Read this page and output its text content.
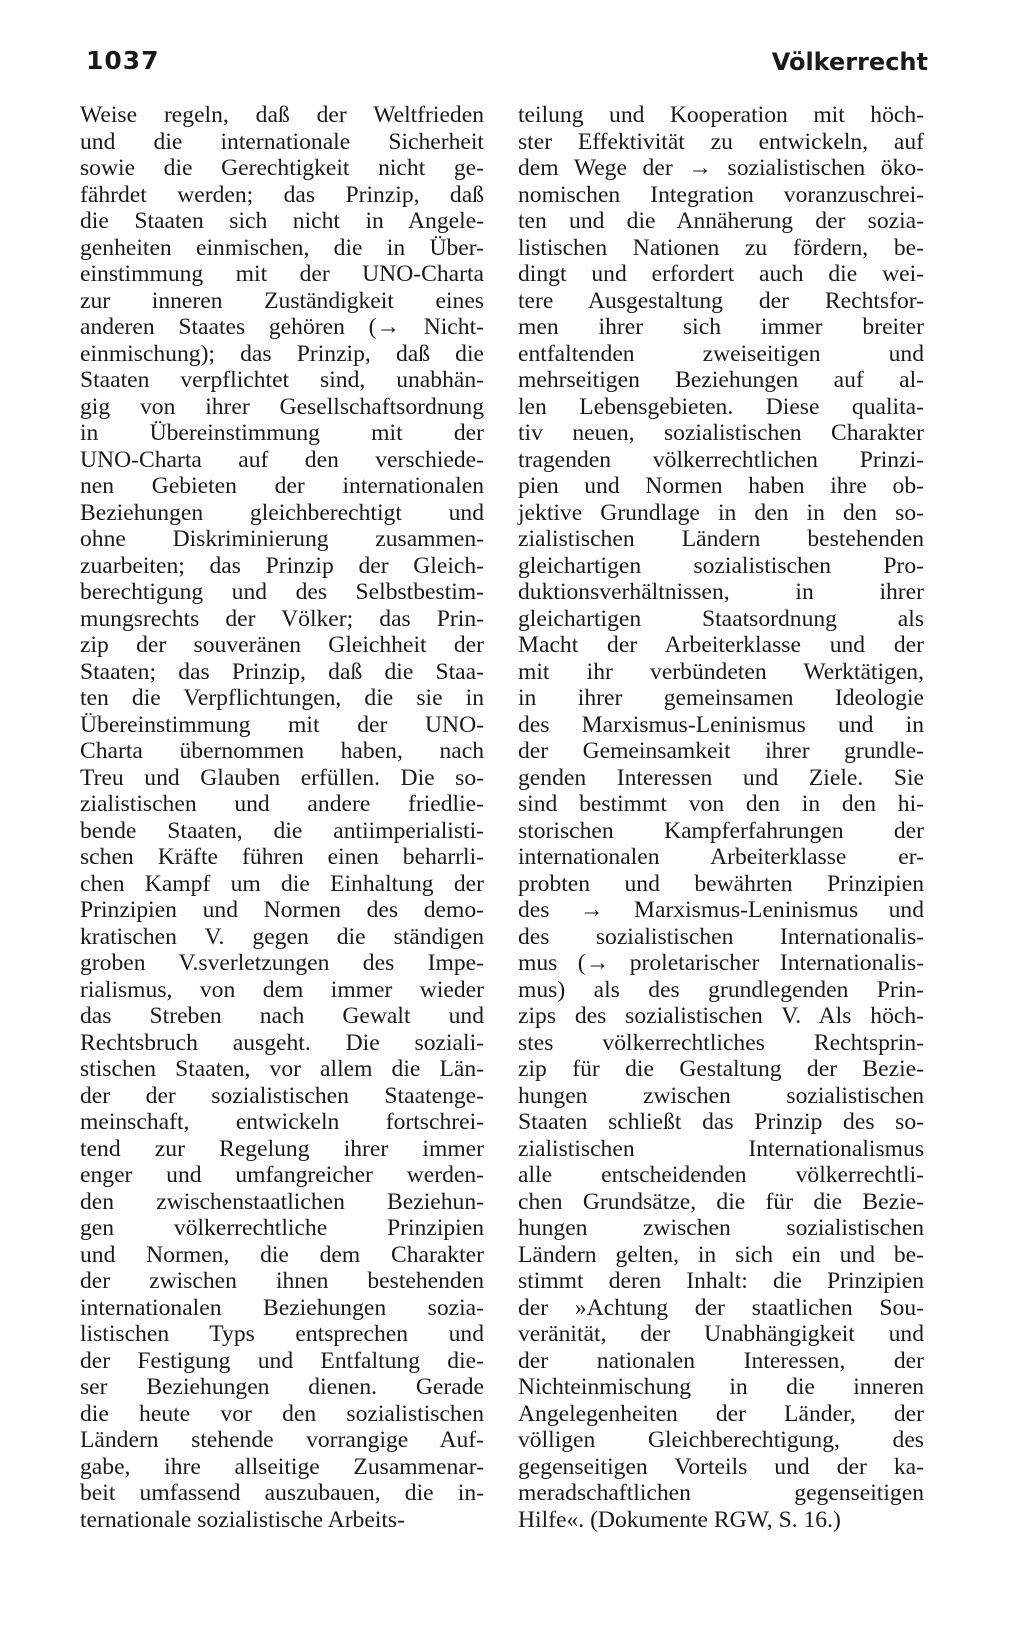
1037	Völkerrecht
Weise regeln, daß der Weltfrieden
und die internationale Sicherheit
sowie die Gerechtigkeit nicht ge-
fährdet werden; das Prinzip, daß
die Staaten sich nicht in Angele-
genheiten einmischen, die in Über-
einstimmung mit der UNO-Charta
zur inneren Zuständigkeit eines
anderen Staates gehören (→ Nicht-
einmischung); das Prinzip, daß die
Staaten verpflichtet sind, unabhän-
gig von ihrer Gesellschaftsordnung
in Übereinstimmung mit der
UNO-Charta auf den verschiede-
nen Gebieten der internationalen
Beziehungen gleichberechtigt und
ohne Diskriminierung zusammen-
zuarbeiten; das Prinzip der Gleich-
berechtigung und des Selbstbestim-
mungsrechts der Völker; das Prin-
zip der souveränen Gleichheit der
Staaten; das Prinzip, daß die Staa-
ten die Verpflichtungen, die sie in
Übereinstimmung mit der UNO-
Charta übernommen haben, nach
Treu und Glauben erfüllen. Die so-
zialistischen und andere friedlie-
bende Staaten, die antiimperialisti-
schen Kräfte führen einen beharrli-
chen Kampf um die Einhaltung der
Prinzipien und Normen des demo-
kratischen V. gegen die ständigen
groben V.sverletzungen des Impe-
rialismus, von dem immer wieder
das Streben nach Gewalt und
Rechtsbruch ausgeht. Die soziali-
stischen Staaten, vor allem die Län-
der der sozialistischen Staatenge-
meinschaft, entwickeln fortschrei-
tend zur Regelung ihrer immer
enger und umfangreicher werden-
den zwischenstaatlichen Beziehun-
gen völkerrechtliche Prinzipien
und Normen, die dem Charakter
der zwischen ihnen bestehenden
internationalen Beziehungen sozia-
listischen Typs entsprechen und
der Festigung und Entfaltung die-
ser Beziehungen dienen. Gerade
die heute vor den sozialistischen
Ländern stehende vorrangige Auf-
gabe, ihre allseitige Zusammenar-
beit umfassend auszubauen, die in-
ternationale sozialistische Arbeits-
teilung und Kooperation mit höch-
ster Effektivität zu entwickeln, auf
dem Wege der → sozialistischen öko-
nomischen Integration voranzuschrei-
ten und die Annäherung der sozia-
listischen Nationen zu fördern, be-
dingt und erfordert auch die wei-
tere Ausgestaltung der Rechtsfor-
men ihrer sich immer breiter
entfaltenden zweiseitigen und
mehrseitigen Beziehungen auf al-
len Lebensgebieten. Diese qualita-
tiv neuen, sozialistischen Charakter
tragenden völkerrechtlichen Prinzi-
pien und Normen haben ihre ob-
jektive Grundlage in den in den so-
zialistischen Ländern bestehenden
gleichartigen sozialistischen Pro-
duktionsverhältnissen, in ihrer
gleichartigen Staatsordnung als
Macht der Arbeiterklasse und der
mit ihr verbündeten Werktätigen,
in ihrer gemeinsamen Ideologie
des Marxismus-Leninismus und in
der Gemeinsamkeit ihrer grundle-
genden Interessen und Ziele. Sie
sind bestimmt von den in den hi-
storischen Kampferfahrungen der
internationalen Arbeiterklasse er-
probten und bewährten Prinzipien
des → Marxismus-Leninismus und
des sozialistischen Internationalis-
mus (→ proletarischer Internationalis-
mus) als des grundlegenden Prin-
zips des sozialistischen V. Als höch-
stes völkerrechtliches Rechtsprin-
zip für die Gestaltung der Bezie-
hungen zwischen sozialistischen
Staaten schließt das Prinzip des so-
zialistischen Internationalismus
alle entscheidenden völkerrechtli-
chen Grundsätze, die für die Bezie-
hungen zwischen sozialistischen
Ländern gelten, in sich ein und be-
stimmt deren Inhalt: die Prinzipien
der »Achtung der staatlichen Sou-
veränität, der Unabhängigkeit und
der nationalen Interessen, der
Nichteinmischung in die inneren
Angelegenheiten der Länder, der
völligen Gleichberechtigung, des
gegenseitigen Vorteils und der ka-
meradschaftlichen gegenseitigen
Hilfe«. (Dokumente RGW, S. 16.)
